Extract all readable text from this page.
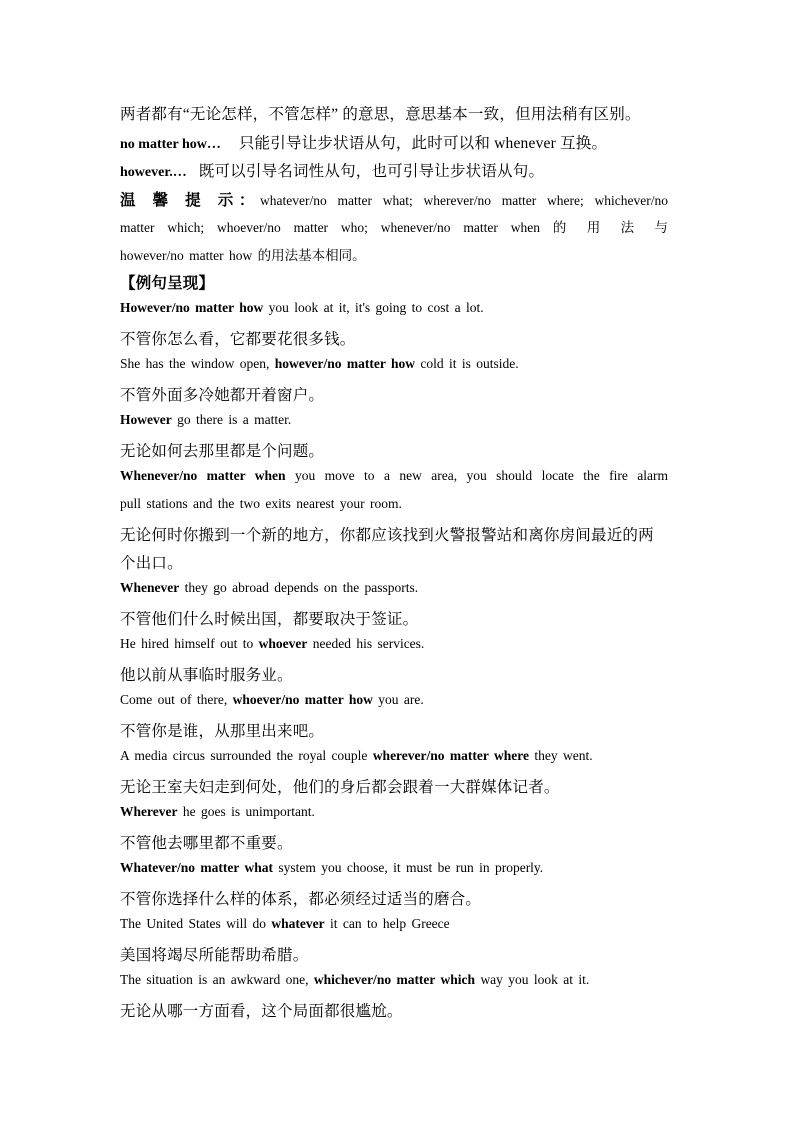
两者都有“无论怎样，不管怎样” 的意思，意思基本一致，但用法稍有区别。
no matter how… 只能引导让步状语从句，此时可以和 whenever 互换。
however.… 既可以引导名词性从句，也可引导让步状语从句。
温 馨 提 示：whatever/no matter what; wherever/no matter where; whichever/no
matter which; whoever/no matter who; whenever/no matter when 的 用 法 与
however/no matter how 的用法基本相同。
【例句呈现】
However/no matter how you look at it, it's going to cost a lot.
不管你怎么看，它都要花很多钱。
She has the window open, however/no matter how cold it is outside.
不管外面多冷她都开着窗户。
However go there is a matter.
无论如何去那里都是个问题。
Whenever/no matter when you move to a new area, you should locate the fire alarm
pull stations and the two exits nearest your room.
无论何时你搬到一个新的地方，你都应该找到火警报警站和离你房间最近的两
个出口。
Whenever they go abroad depends on the passports.
不管他们什么时候出国，都要取决于签证。
He hired himself out to whoever needed his services.
他以前从事临时服务业。
Come out of there, whoever/no matter how you are.
不管你是谁，从那里出来吧。
A media circus surrounded the royal couple wherever/no matter where they went.
无论王室夫妇走到何处，他们的身后都会跟着一大群媒体记者。
Wherever he goes is unimportant.
不管他去哪里都不重要。
Whatever/no matter what system you choose, it must be run in properly.
不管你选择什么样的体系，都必须经过适当的磨合。
The United States will do whatever it can to help Greece
美国将竭尽所能帮助希腊。
The situation is an awkward one, whichever/no matter which way you look at it.
无论从哪一方面看，这个局面都很尴尬。
